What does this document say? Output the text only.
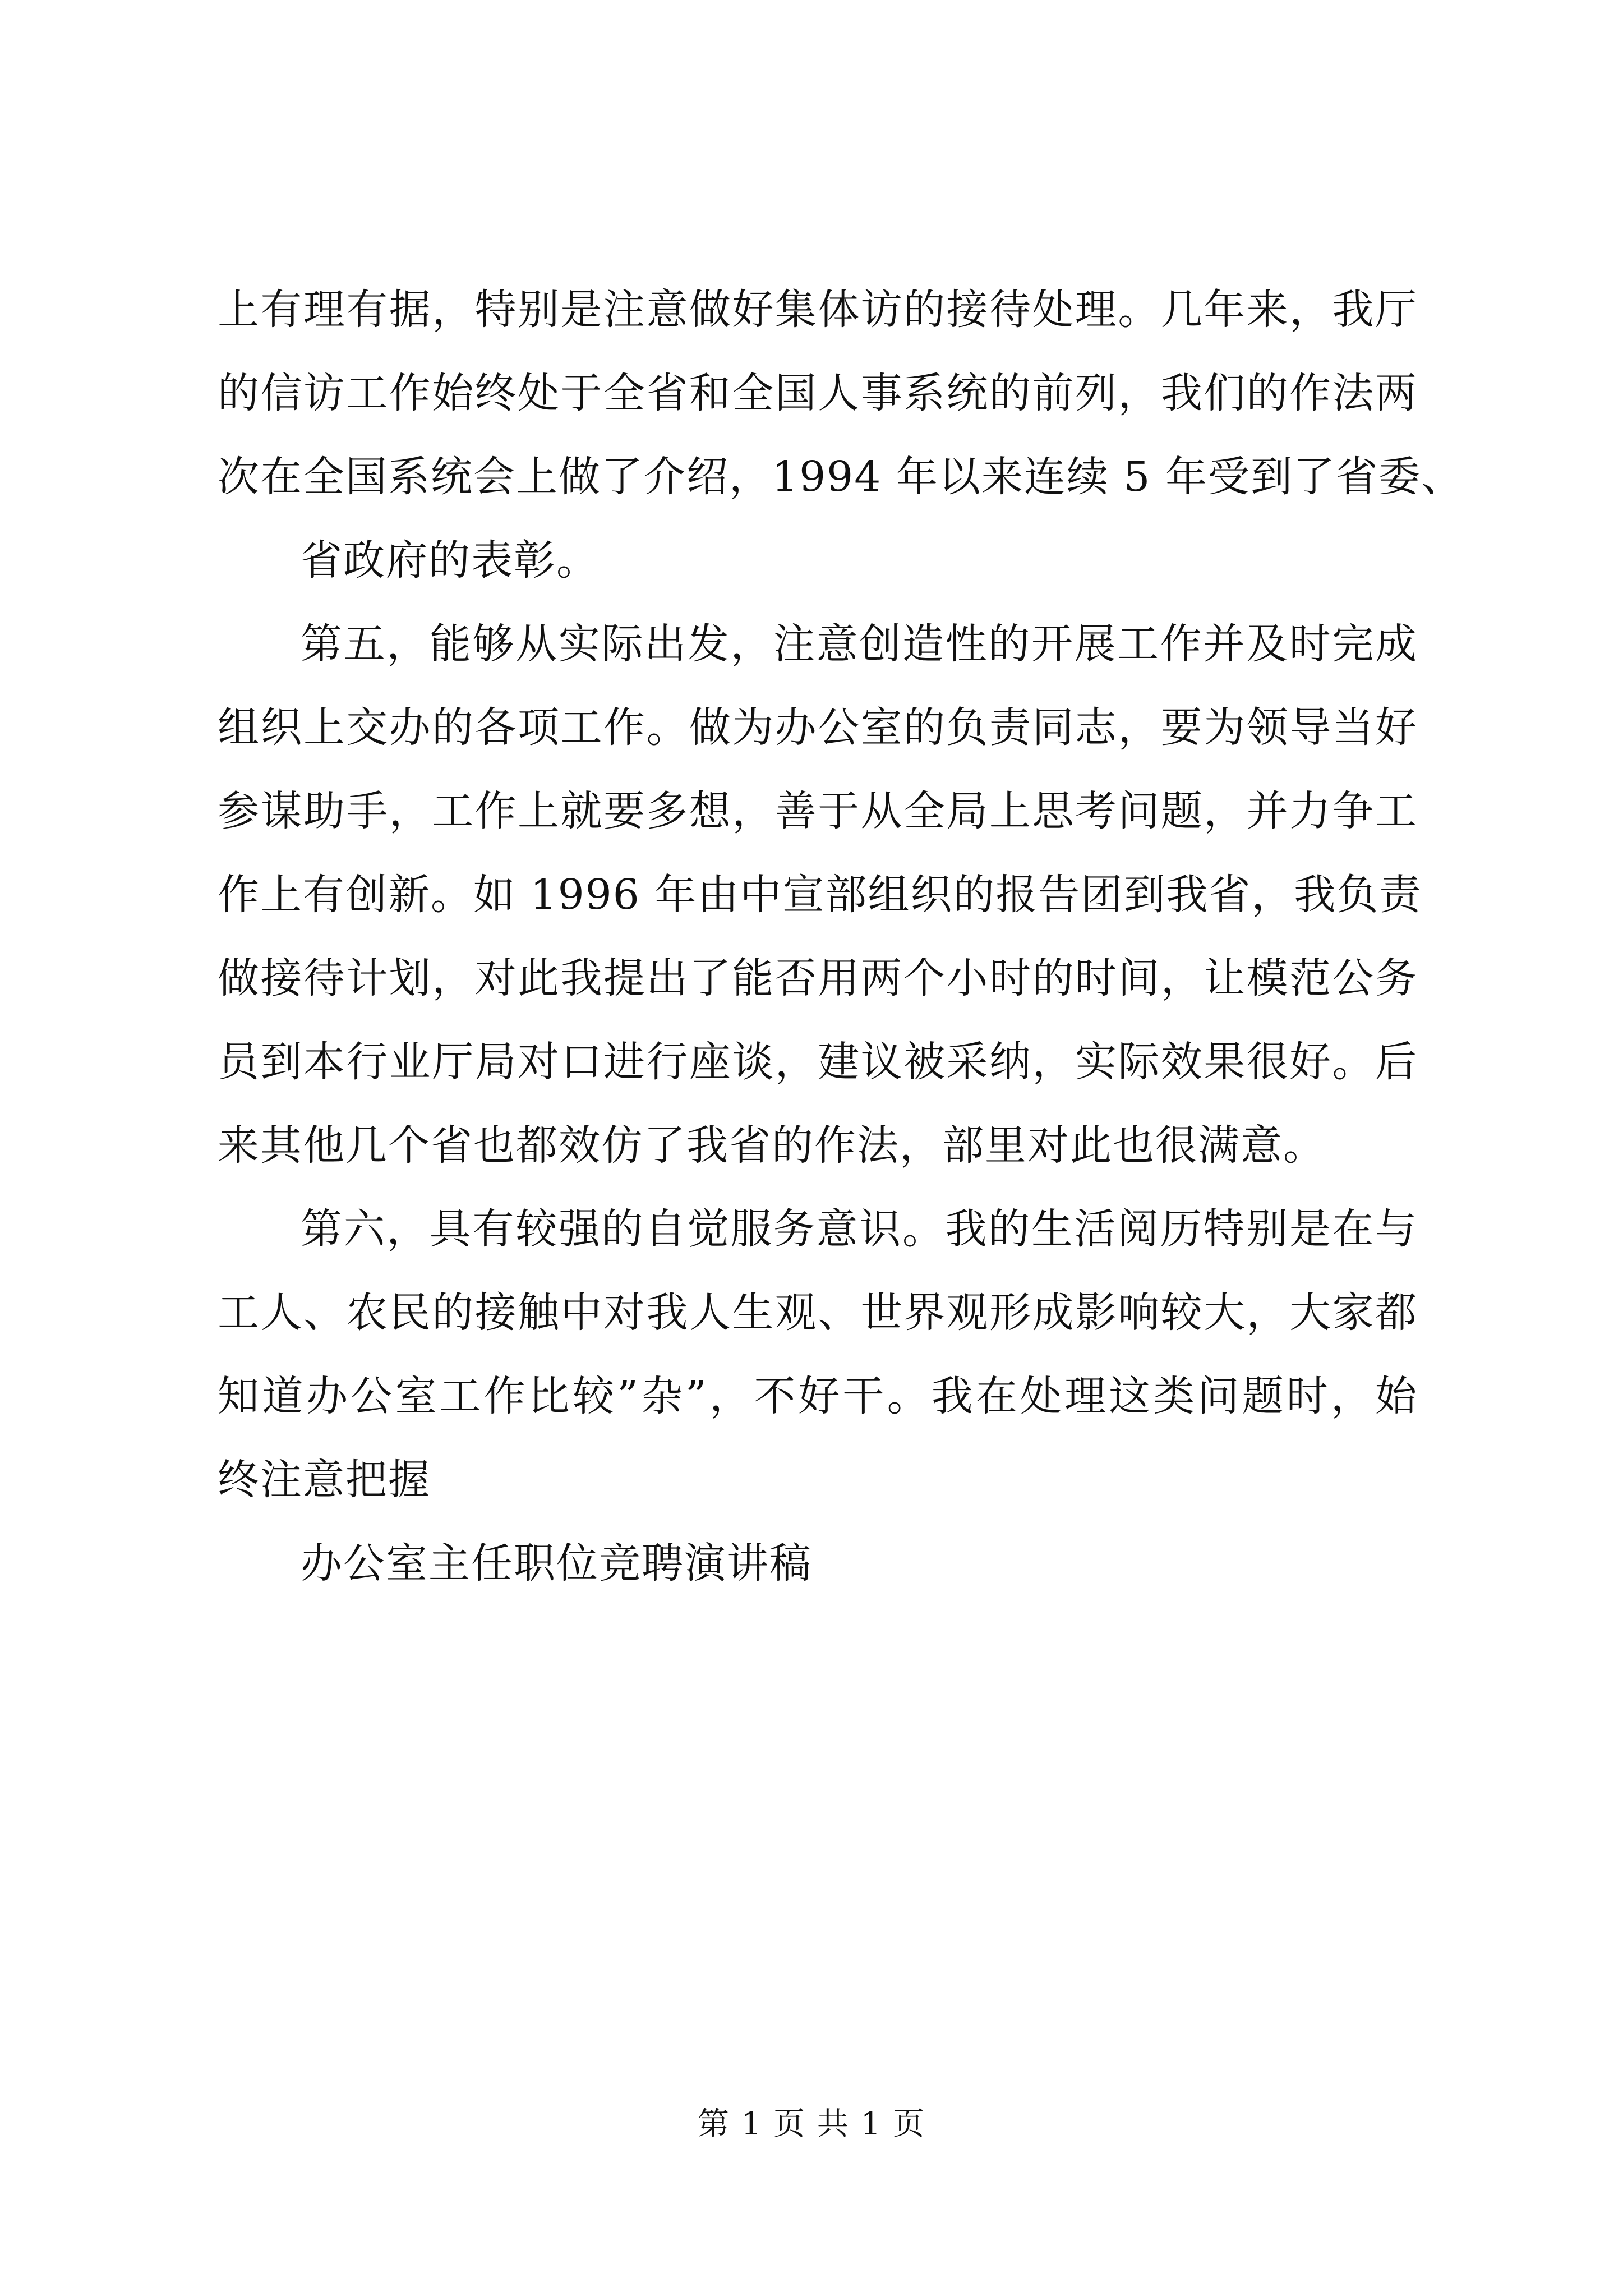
上有理有据，特别是注意做好集体访的接待处理。几年来，我厅
的信访工作始终处于全省和全国人事系统的前列，我们的作法两
次在全国系统会上做了介绍，1994 年以来连续 5 年受到了省委、
省政府的表彰。
第五，能够从实际出发，注意创造性的开展工作并及时完成
组织上交办的各项工作。做为办公室的负责同志，要为领导当好
参谋助手，工作上就要多想，善于从全局上思考问题，并力争工
作上有创新。如 1996 年由中宣部组织的报告团到我省，我负责
做接待计划，对此我提出了能否用两个小时的时间，让模范公务
员到本行业厅局对口进行座谈，建议被采纳，实际效果很好。后
来其他几个省也都效仿了我省的作法，部里对此也很满意。
第六，具有较强的自觉服务意识。我的生活阅历特别是在与
工人、农民的接触中对我人生观、世界观形成影响较大，大家都
知道办公室工作比较”杂”，不好干。我在处理这类问题时，始
终注意把握
办公室主任职位竞聘演讲稿
第 1 页 共 1 页
